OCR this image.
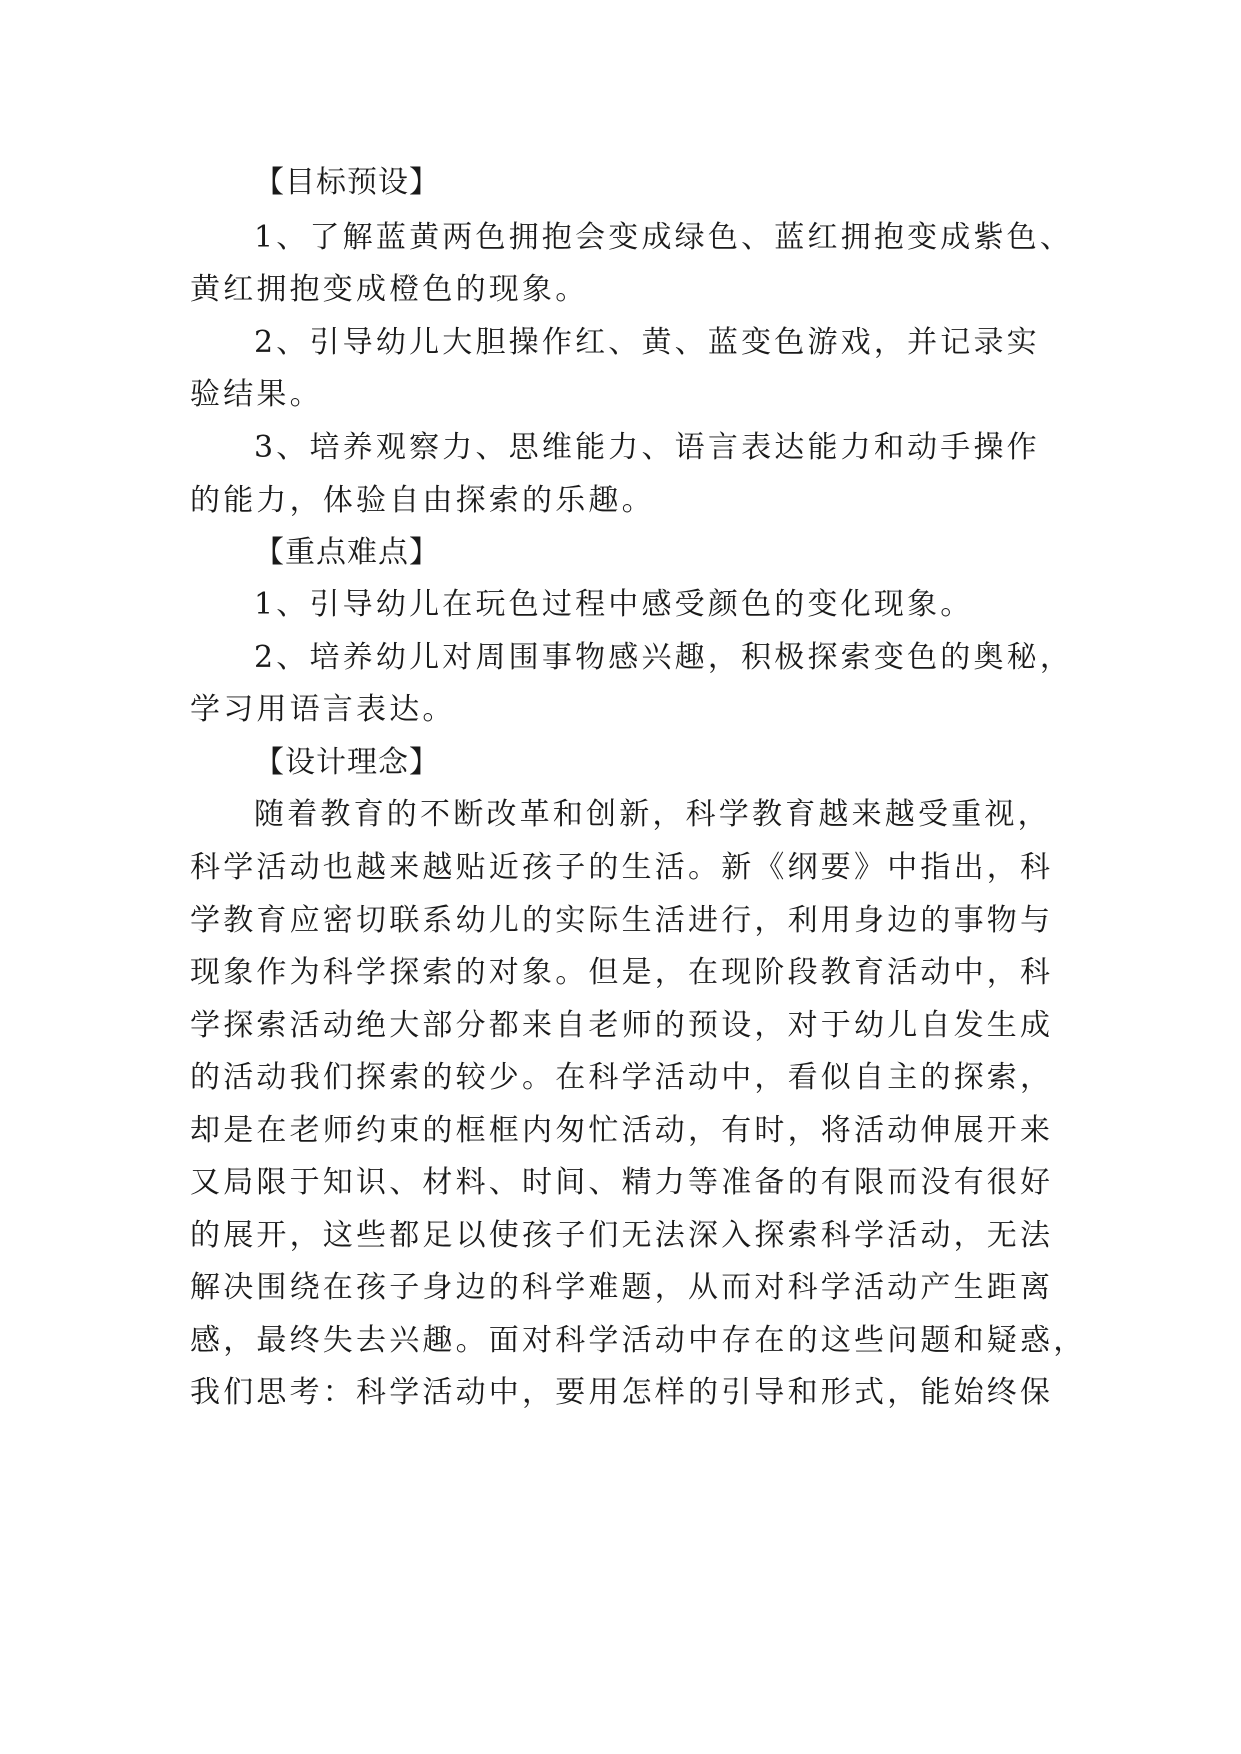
【目标预设】
1、了解蓝黄两色拥抱会变成绿色、蓝红拥抱变成紫色、
黄红拥抱变成橙色的现象。
2、引导幼儿大胆操作红、黄、蓝变色游戏，并记录实
验结果。
3、培养观察力、思维能力、语言表达能力和动手操作
的能力，体验自由探索的乐趣。
【重点难点】
1、引导幼儿在玩色过程中感受颜色的变化现象。
2、培养幼儿对周围事物感兴趣，积极探索变色的奥秘，
学习用语言表达。
【设计理念】
随着教育的不断改革和创新，科学教育越来越受重视，
科学活动也越来越贴近孩子的生活。新《纲要》中指出，科
学教育应密切联系幼儿的实际生活进行，利用身边的事物与
现象作为科学探索的对象。但是，在现阶段教育活动中，科
学探索活动绝大部分都来自老师的预设，对于幼儿自发生成
的活动我们探索的较少。在科学活动中，看似自主的探索，
却是在老师约束的框框内匆忙活动，有时，将活动伸展开来
又局限于知识、材料、时间、精力等准备的有限而没有很好
的展开，这些都足以使孩子们无法深入探索科学活动，无法
解决围绕在孩子身边的科学难题，从而对科学活动产生距离
感，最终失去兴趣。面对科学活动中存在的这些问题和疑惑，
我们思考：科学活动中，要用怎样的引导和形式，能始终保
